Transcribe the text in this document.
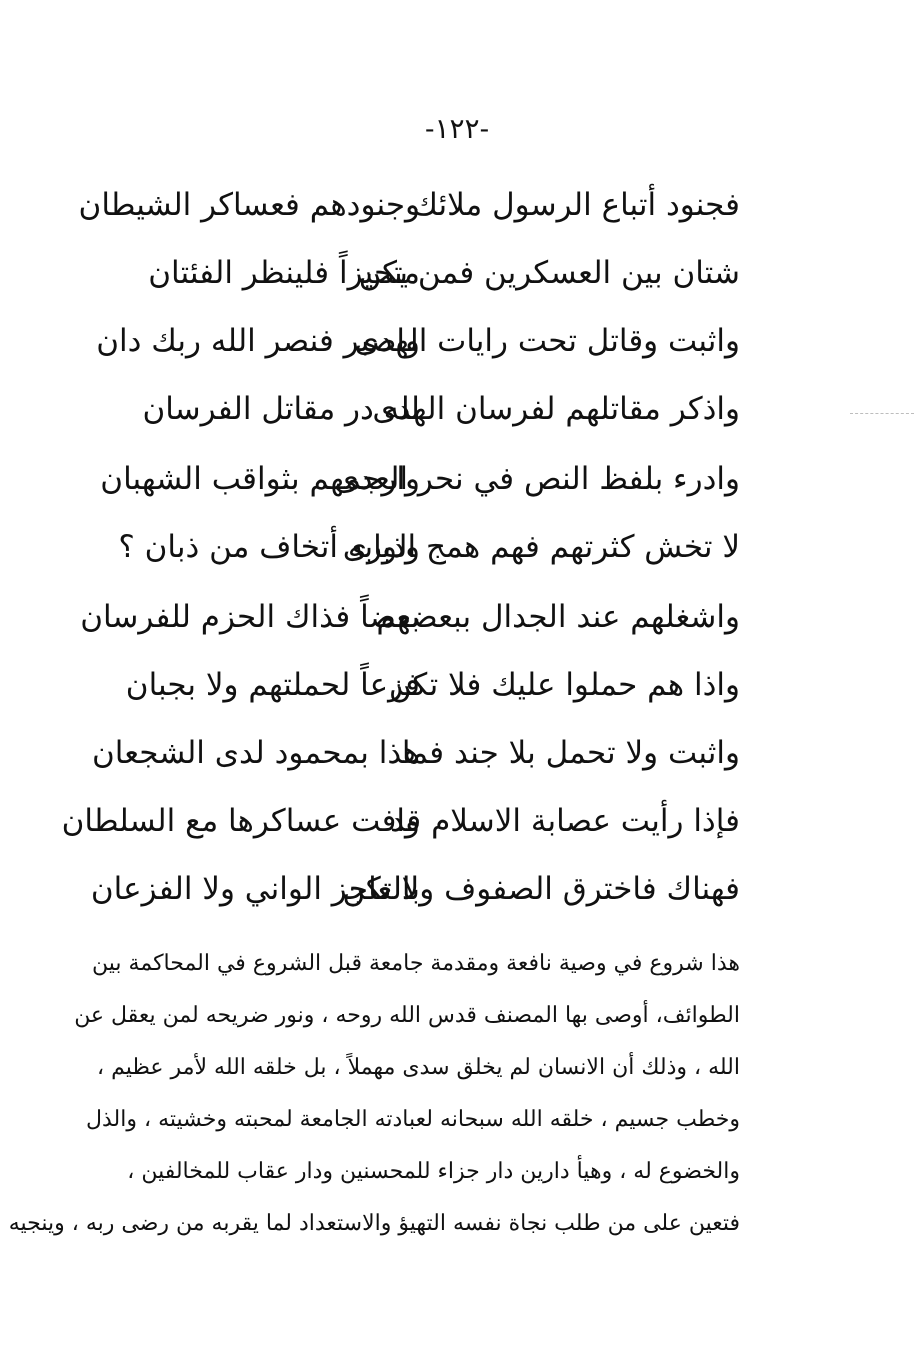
-١٢٢-
فجنود أتباع الرسول ملائك
وجنودهم فعساكر الشيطان
شتان بين العسكرين فمن يكن
متحيزاً فلينظر الفئتان
واثبت وقاتل تحت رايات الهدى
واصبر فنصر الله ربك دان
واذكر مقاتلهم لفرسان الهدى
لله در مقاتل الفرسان
وادرء بلفظ النص في نحر العدى
وارجمهم بثواقب الشهبان
لا تخش كثرتهم فهم همج الورى
وذبابه أتخاف من ذبان ؟
واشغلهم عند الجدال ببعضهم
بعضاً فذاك الحزم للفرسان
واذا هم حملوا عليك فلا تكن
فزعاً لحملتهم ولا بجبان
واثبت ولا تحمل بلا جند فما
هذا بمحمود لدى الشجعان
فإذا رأيت عصابة الاسلام قد
وافت عساكرها مع السلطان
فهناك فاخترق الصفوف ولا تكن
بالعاجز الواني ولا الفزعان
هذا شروع في وصية نافعة ومقدمة جامعة قبل الشروع في المحاكمة بين
الطوائف، أوصى بها المصنف قدس الله روحه ، ونور ضريحه لمن يعقل عن
الله ، وذلك أن الانسان لم يخلق سدى مهملاً ، بل خلقه الله لأمر عظيم ،
وخطب جسيم ، خلقه الله سبحانه لعبادته الجامعة لمحبته وخشيته ، والذل
والخضوع له ، وهيأ دارين دار جزاء للمحسنين ودار عقاب للمخالفين ،
فتعين على من طلب نجاة نفسه التهيؤ والاستعداد لما يقربه من رضى ربه ، وينجيه
